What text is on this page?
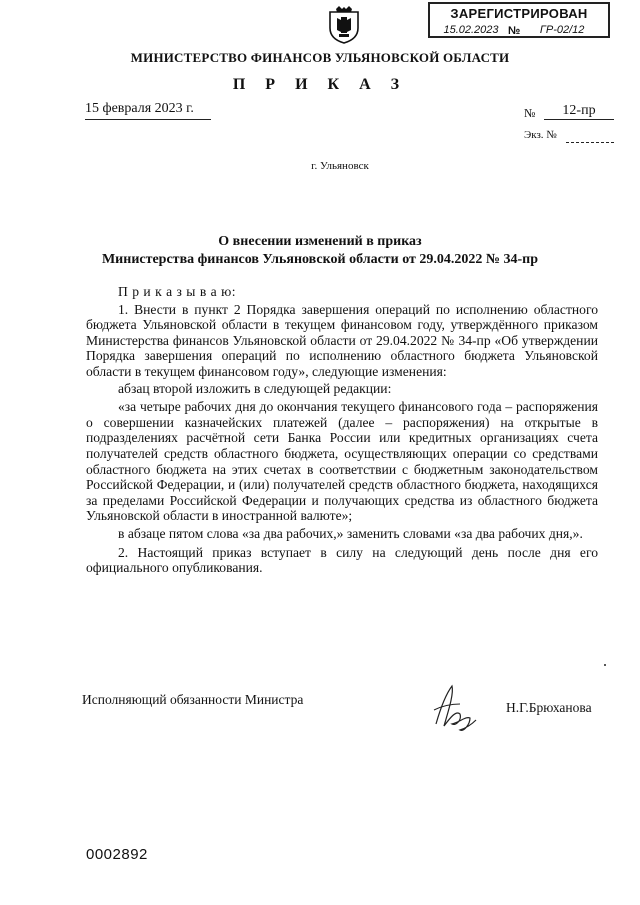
ЗАРЕГИСТРИРОВАН
15.02.2023 №	ГР-02/12
МИНИСТЕРСТВО ФИНАНСОВ УЛЬЯНОВСКОЙ ОБЛАСТИ
П Р И К А З
15 февраля 2023 г.	№	12-пр
Экз. №
г. Ульяновск
О внесении изменений в приказ
Министерства финансов Ульяновской области от 29.04.2022 № 34-пр

П р и к а з ы в а ю:

1. Внести в пункт 2 Порядка завершения операций по исполнению областного бюджета Ульяновской области в текущем финансовом году, утверждённого приказом Министерства финансов Ульяновской области от 29.04.2022 № 34-пр «Об утверждении Порядка завершения операций по исполнению областного бюджета Ульяновской области в текущем финансовом году», следующие изменения:

абзац второй изложить в следующей редакции:

«за четыре рабочих дня до окончания текущего финансового года – распоряжения о совершении казначейских платежей (далее – распоряжения) на открытые в подразделениях расчётной сети Банка России или кредитных организациях счета получателей средств областного бюджета, осуществляющих операции со средствами областного бюджета на этих счетах в соответствии с бюджетным законодательством Российской Федерации, и (или) получателей средств областного бюджета, находящихся за пределами Российской Федерации и получающих средства из областного бюджета Ульяновской области в иностранной валюте»;

в абзаце пятом слова «за два рабочих,» заменить словами «за два рабочих дня,».

2. Настоящий приказ вступает в силу на следующий день после дня его официального опубликования.

Исполняющий обязанности Министра
Н.Г.Брюханова
0002892
